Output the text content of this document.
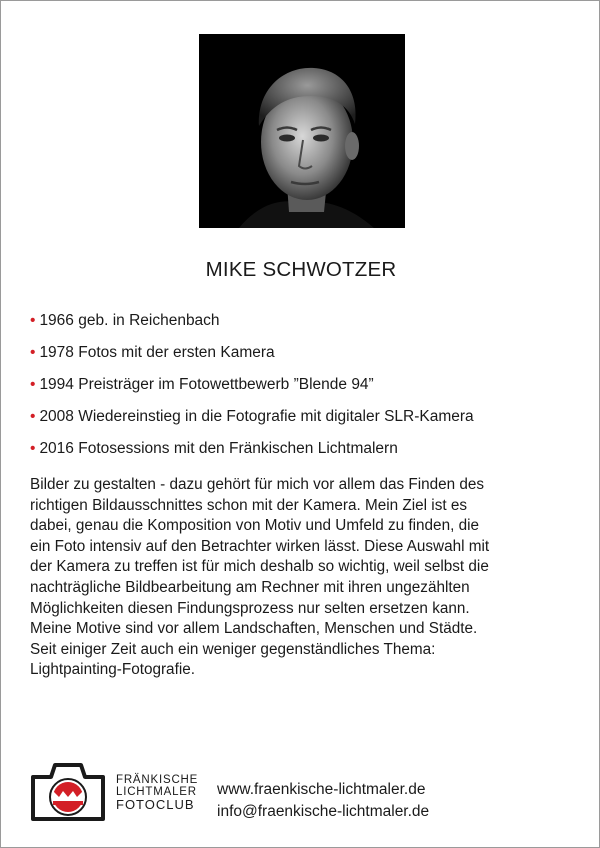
MIKE SCHWOTZER
• 1966 geb. in Reichenbach
• 1978 Fotos mit der ersten Kamera
• 1994 Preisträger im Fotowettbewerb ”Blende 94”
• 2008 Wiedereinstieg in die Fotografie mit digitaler SLR-Kamera
• 2016 Fotosessions mit den Fränkischen Lichtmalern
Bilder zu gestalten - dazu gehört für mich vor allem das Finden des
richtigen Bildausschnittes schon mit der Kamera. Mein Ziel ist es
dabei, genau die Komposition von Motiv und Umfeld zu finden, die
ein Foto intensiv auf den Betrachter wirken lässt. Diese Auswahl mit
der Kamera zu treffen ist für mich deshalb so wichtig, weil selbst die
nachträgliche Bildbearbeitung am Rechner mit ihren ungezählten
Möglichkeiten diesen Findungsprozess nur selten ersetzen kann.
Meine Motive sind vor allem Landschaften, Menschen und Städte.
Seit einiger Zeit auch ein weniger gegenständliches Thema:
Lightpainting-Fotografie.
FRÄNKISCHE
LICHTMALER
FOTOCLUB
www.fraenkische-lichtmaler.de
info@fraenkische-lichtmaler.de
